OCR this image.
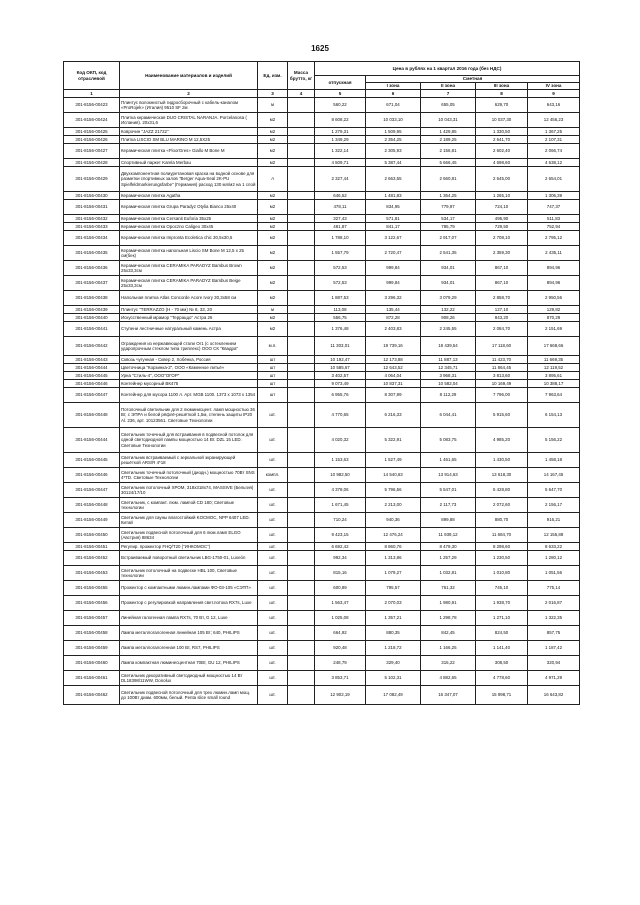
1625
Код ОКП, код отраслевой	Наименование материалов и изделий	Ед. изм.	Масса брутто, кг	Цена в рублях на 1 квартал 2016 года (без НДС)				
				отпускная	Сметная			
					I зона	II зона	III зона	IV зона
1	2	3	4	5	6	7	8	9
301-8156-00423	Плинтус волокнистый гидросборочный с кабель-каналом «ProRojek» (Италия) 9510 SF 2м	м		560,22	671,04	655,05	629,70	643,16
301-8156-00424	Плитка керамическая DUO CRISTAL NARANJA. Porcelanosa ( Испания). 20х31,6	м2		8 608,22	10 033,10	10 043,31	10 037,30	12 456,23
301-8156-00425	Коврочин "JAZZ 21722"	м2		1 279,31	1 509,95	1 429,85	1 330,50	1 367,25
301-8156-00426	Плитка LISCIO SM BLU MARINO M 12,5Х25	м2		1 349,29	2 354,25	2 189,25	2 641,70	2 107,31
301-8156-00427	Керамическая плитка «FloorGres» Giallo M Bone M	м2		1 322,14	2 305,93	2 156,81	2 602,40	2 066,74
301-8156-00428	Спортивный паркет Karela Merbau	м2		4 509,71	5 387,44	5 666,45	4 698,60	4 638,12
301-8156-00429	Двухкомпонентная полиуретановая краска на водной основе для разметки спортивных залов "Berger Aqua-Seal 2K-PU Spielfeldmarkierungsfarbe" (Германия) расход 130 мл/м2 на 1 слой	л		2 327,44	2 663,55	2 660,81	2 645,00	2 654,01
301-8156-00430	Керамическая плитка Agatha	м2		646,52	1 481,83	1 364,25	1 265,10	1 306,39
301-8156-00431	Керамическая плитка Grupa Paradyz Otylia Bianco 25х40	м2		478,11	834,95	779,97	724,10	747,37
301-8156-00432	Керамическая плитка Cersanit Euforia 35х25	м2		327,43	571,81	534,17	495,90	511,83
301-8156-00433	Керамическая плитка Opoczno Caligeo 30х45	м2		481,87	841,17	785,79	729,50	752,94
301-8156-00434	Керамическая плитка Impronta Ecoletica chic 30,5х30,5	м2		1 788,10	3 122,67	2 917,07	2 708,10	2 795,12
301-8156-00435	Керамическая плитка напольная Liscio SM Bone M 12,5 х 25 см(бек)	м2		1 557,79	2 720,47	2 541,35	2 359,30	2 435,11
301-8156-00436	Керамическая плитка CERAMIKA PARADYZ Bambus Brown 25х33,3см	м2		572,53	999,84	934,01	867,10	894,96
301-8156-00437	Керамическая плитка CERAMIKA PARADYZ Bambus Beige 25х33,3см	м2		572,53	999,84	934,01	867,10	894,96
301-8156-00438	Напольная плитка Atlas Concorde Acore Ivory 30,3х58 см	м2		1 887,53	3 296,32	3 079,29	2 858,70	2 950,56
301-8156-00439	Плинтус "TERRAZZO (Н - 70 мм) № 8, 33, 20	м		113,08	135,44	132,22	127,10	129,82
301-8156-00440	Искусственный мрамор "Терраццо" Астра 26	м2		556,75	872,28	908,26	843,20	870,29
301-8156-00441	Ступени лестничные натуральный камень Астра	м2		1 376,48	2 403,83	2 245,55	2 084,70	2 151,69
301-8156-00442	Ограждения из нержавеющей стали Ог1 (с остеклением ударопрочным стеклом типа триплекс) ООО СК "Квадра"	м.п.		11 303,01	19 739,16	18 439,54	17 118,60	17 668,66
301-8156-00443	Сквозь чугунная - Сквер 2, Хобёнка, Россия	шт		10 192,47	12 173,88	11 887,13	11 423,70	11 669,35
301-8156-00444	Цветочница "Корзинка-2", ООО «Каменное литьё»	шт		10 585,67	12 643,52	12 345,71	11 864,45	12 119,52
301-8156-00445	Урна "Стиль-4", ООО"ОГОР"	шт		3 402,57	4 064,04	3 968,31	3 813,60	3 895,61
301-8156-00446	Контейнер мусорный ВК475	шт		9 073,49	10 837,31	10 582,04	10 169,49	10 388,17
301-8156-00447	Контейнер для мусора 1100 л. Арт. MGB 1100. 1373 х 1073 х 1354	шт		6 955,76	8 307,99	8 112,29	7 796,00	7 963,64
301-8156-00448	Потолочный светильник для 2 люминисцент. ламп мощностью 36 Вт, с ЭПРА и белой рёфлё-решёткой 1,5м, степень защиты IP20 Al. 236, арт. 10123561. Световые Технологии	шт.		4 770,65	6 216,33	6 044,41	5 915,60	6 154,13
301-8156-00444	Светильник точечный для встраивания в подвесной потолок для одной светодиодной лампы мощностью 14 Вт. DZL 15 LED. Световые Технологии	шт.		4 020,32	5 322,91	5 083,75	4 985,20	5 156,22
301-8156-00445	Светильник встраиваемый с зеркальной экранирующей решёткой ARS/R 4*18	шт.		1 153,63	1 527,49	1 461,65	1 430,50	1 458,18
301-8156-00446	Светильник точечный потолочный (диодн.) мощностью 70Вт SNS 4*TD. Световые Технологии	компл.		10 982,50	14 540,63	13 914,63	13 618,30	14 167,45
301-8156-00447	Светильник потолочный ХРОМ, 318х318х74, MASSIVE (Бельгия) 30124/17/10	шт.		4 378,06	5 796,56	5 547,01	5 428,80	5 647,70
301-8156-00448	Светильник, с компакт. люм. лампой CD 180; Световые технологии	шт.		1 671,45	2 213,00	2 117,73	2 072,60	2 156,17
301-8156-00449	Светильник для сауны влагостойкий KOCMOC, NPP 6407 LED. Китай	шт.		710,24	940,36	899,88	880,70	916,21
301-8156-00450	Светильник подвесной потолочный для 6 люм.ламп ELGO (Австрия) 88634	шт.		9 423,15	12 476,24	11 939,12	11 684,70	12 155,88
301-8156-00451	Регулир. прожектор FHQ/T20 ("ИНКОМОС")	шт.		6 692,42	8 860,76	8 479,30	8 298,60	8 633,22
301-8156-00452	Встраиваемый поворотный светильник LBG-1750-01, Luxeón	шт.		992,34	1 313,86	1 257,29	1 230,50	1 280,12
301-8156-00453	Светильник потолочный на подвеске HBL 100, Световые технологии	шт.		815,16	1 079,27	1 032,81	1 010,80	1 051,56
301-8156-00455	Прожектор с компактными люмин.лампами ФО-03-105 «СЭТП»	шт.		600,89	795,57	761,32	745,10	775,14
301-8156-00456	Прожектор с регулировкой направления свет.потока RX7s, Luxe	шт.		1 563,47	2 070,03	1 980,91	1 938,70	2 016,87
301-8156-00457	Линейная галогенная лампа RX7s, 70 Вт, G 12, Luxe	шт.		1 025,08	1 357,21	1 298,78	1 271,10	1 322,35
301-8156-00458	Лампа металлогалогенная линейная 105 Вт; 640, PHILIPS	шт.		664,92	880,35	842,45	824,50	857,75
301-8156-00459	Лампа металлогалогенная 100 Вт, RS7, PHILIPS	шт.		920,48	1 218,72	1 166,25	1 141,40	1 187,42
301-8156-00460	Лампа компактная люминесцентная 70Вт, GU 12, PHILIPS	шт.		248,79	329,40	315,22	308,50	320,94
301-8156-00461	Светильник декоративный светодиодный мощностью 14 Вт DL18398/11WW, Donolux	шт.		3 853,71	5 102,31	4 882,65	4 778,60	4 971,29
301-8156-00462	Светильник подвесной потолочный для трех люмин.ламп мощ. до 100Вт диам. 600мм, белый. Penta slice small round	шт.		12 902,19	17 082,49	16 347,07	15 998,71	16 643,82
